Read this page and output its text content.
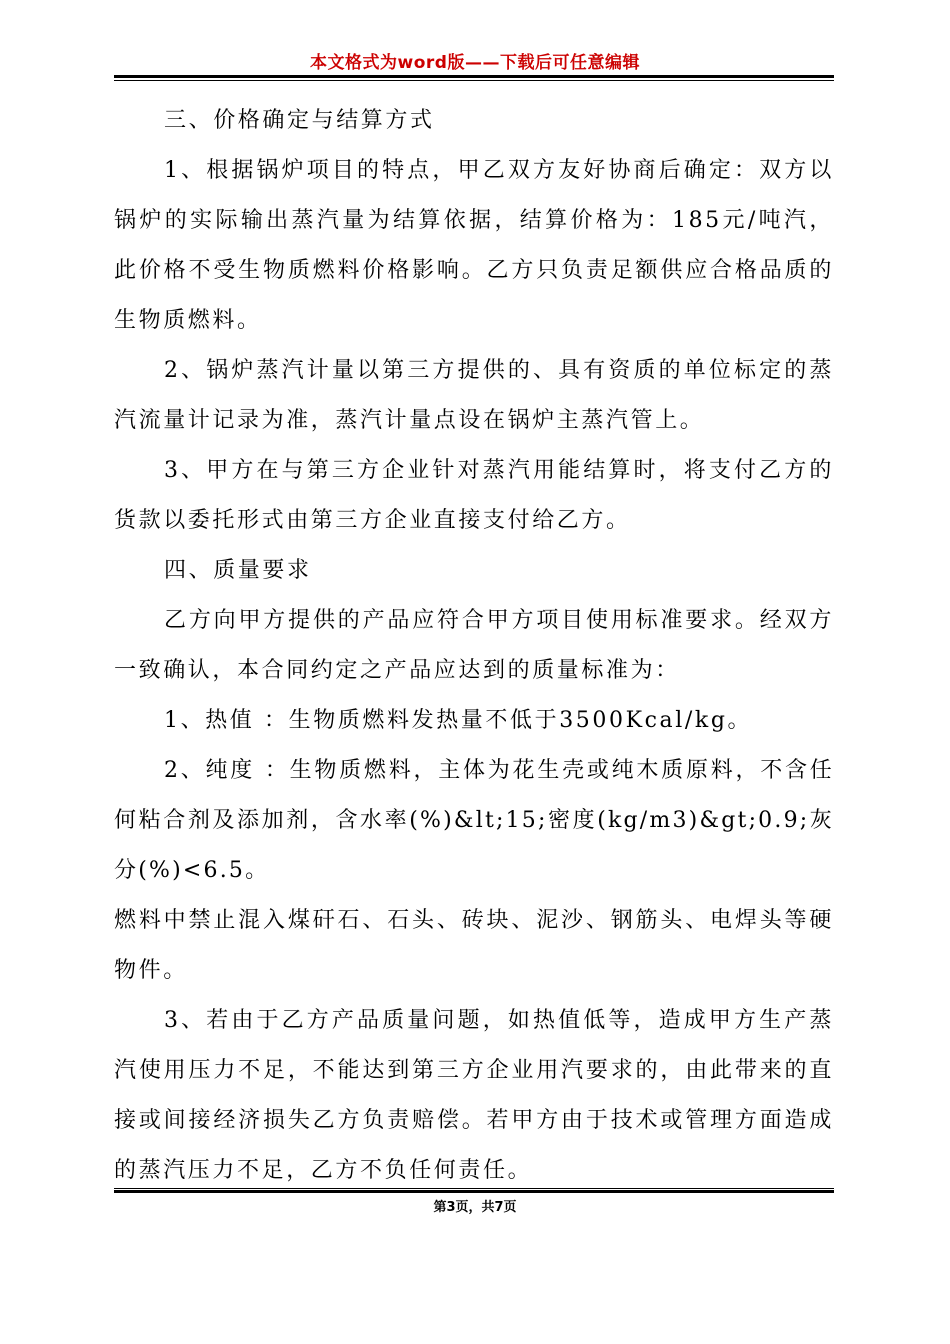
本文格式为word版——下载后可任意编辑

三、价格确定与结算方式

1、根据锅炉项目的特点，甲乙双方友好协商后确定：双方以锅炉的实际输出蒸汽量为结算依据，结算价格为：185元/吨汽，此价格不受生物质燃料价格影响。乙方只负责足额供应合格品质的生物质燃料。

2、锅炉蒸汽计量以第三方提供的、具有资质的单位标定的蒸汽流量计记录为准，蒸汽计量点设在锅炉主蒸汽管上。

3、甲方在与第三方企业针对蒸汽用能结算时，将支付乙方的货款以委托形式由第三方企业直接支付给乙方。

四、质量要求

乙方向甲方提供的产品应符合甲方项目使用标准要求。经双方一致确认，本合同约定之产品应达到的质量标准为：

1、热值 ：生物质燃料发热量不低于3500Kcal/kg。

2、纯度 ：生物质燃料，主体为花生壳或纯木质原料，不含任何粘合剂及添加剂，含水率(%)&lt;15;密度(kg/m3)&gt;0.9;灰分(%)<6.5。

燃料中禁止混入煤矸石、石头、砖块、泥沙、钢筋头、电焊头等硬物件。

3、若由于乙方产品质量问题，如热值低等，造成甲方生产蒸汽使用压力不足，不能达到第三方企业用汽要求的，由此带来的直接或间接经济损失乙方负责赔偿。若甲方由于技术或管理方面造成的蒸汽压力不足，乙方不负任何责任。

第3页，共7页
